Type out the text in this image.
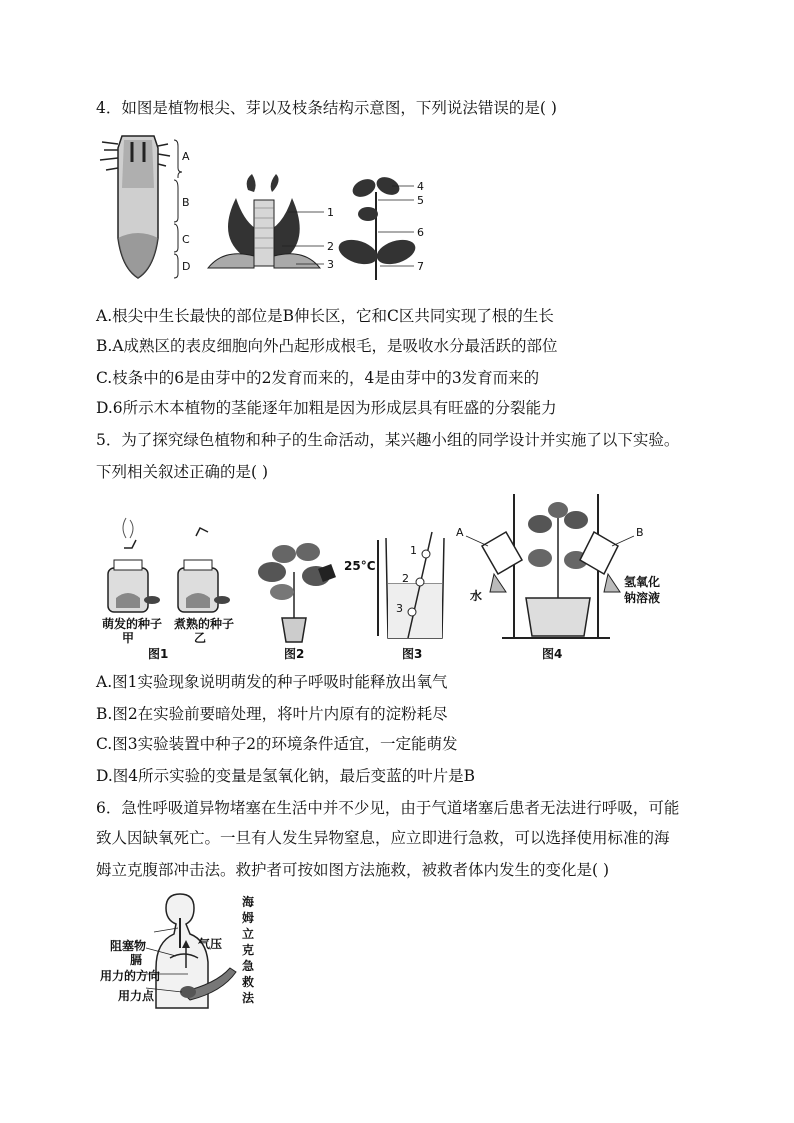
4．如图是植物根尖、芽以及枝条结构示意图，下列说法错误的是( )
A
B
C
D
1
2
3
4
5
6
7
A.根尖中生长最快的部位是B伸长区，它和C区共同实现了根的生长
B.A成熟区的表皮细胞向外凸起形成根毛，是吸收水分最活跃的部位
C.枝条中的6是由芽中的2发育而来的，4是由芽中的3发育而来的
D.6所示木本植物的茎能逐年加粗是因为形成层具有旺盛的分裂能力
5．为了探究绿色植物和种子的生命活动，某兴趣小组的同学设计并实施了以下实验。
下列相关叙述正确的是( )
萌发的种子
甲
煮熟的种子
乙
图1	图2
25°C
1
2
3
图3
A	B
水
氢氧化
钠溶液
图4
A.图1实验现象说明萌发的种子呼吸时能释放出氧气
B.图2在实验前要暗处理，将叶片内原有的淀粉耗尽
C.图3实验装置中种子2的环境条件适宜，一定能萌发
D.图4所示实验的变量是氢氧化钠，最后变蓝的叶片是B
6．急性呼吸道异物堵塞在生活中并不少见，由于气道堵塞后患者无法进行呼吸，可能
致人因缺氧死亡。一旦有人发生异物窒息，应立即进行急救，可以选择使用标准的海
姆立克腹部冲击法。救护者可按如图方法施救，被救者体内发生的变化是( )
阻塞物	气压
膈
用力的方向
用力点
海
姆
立
克
急
救
法
